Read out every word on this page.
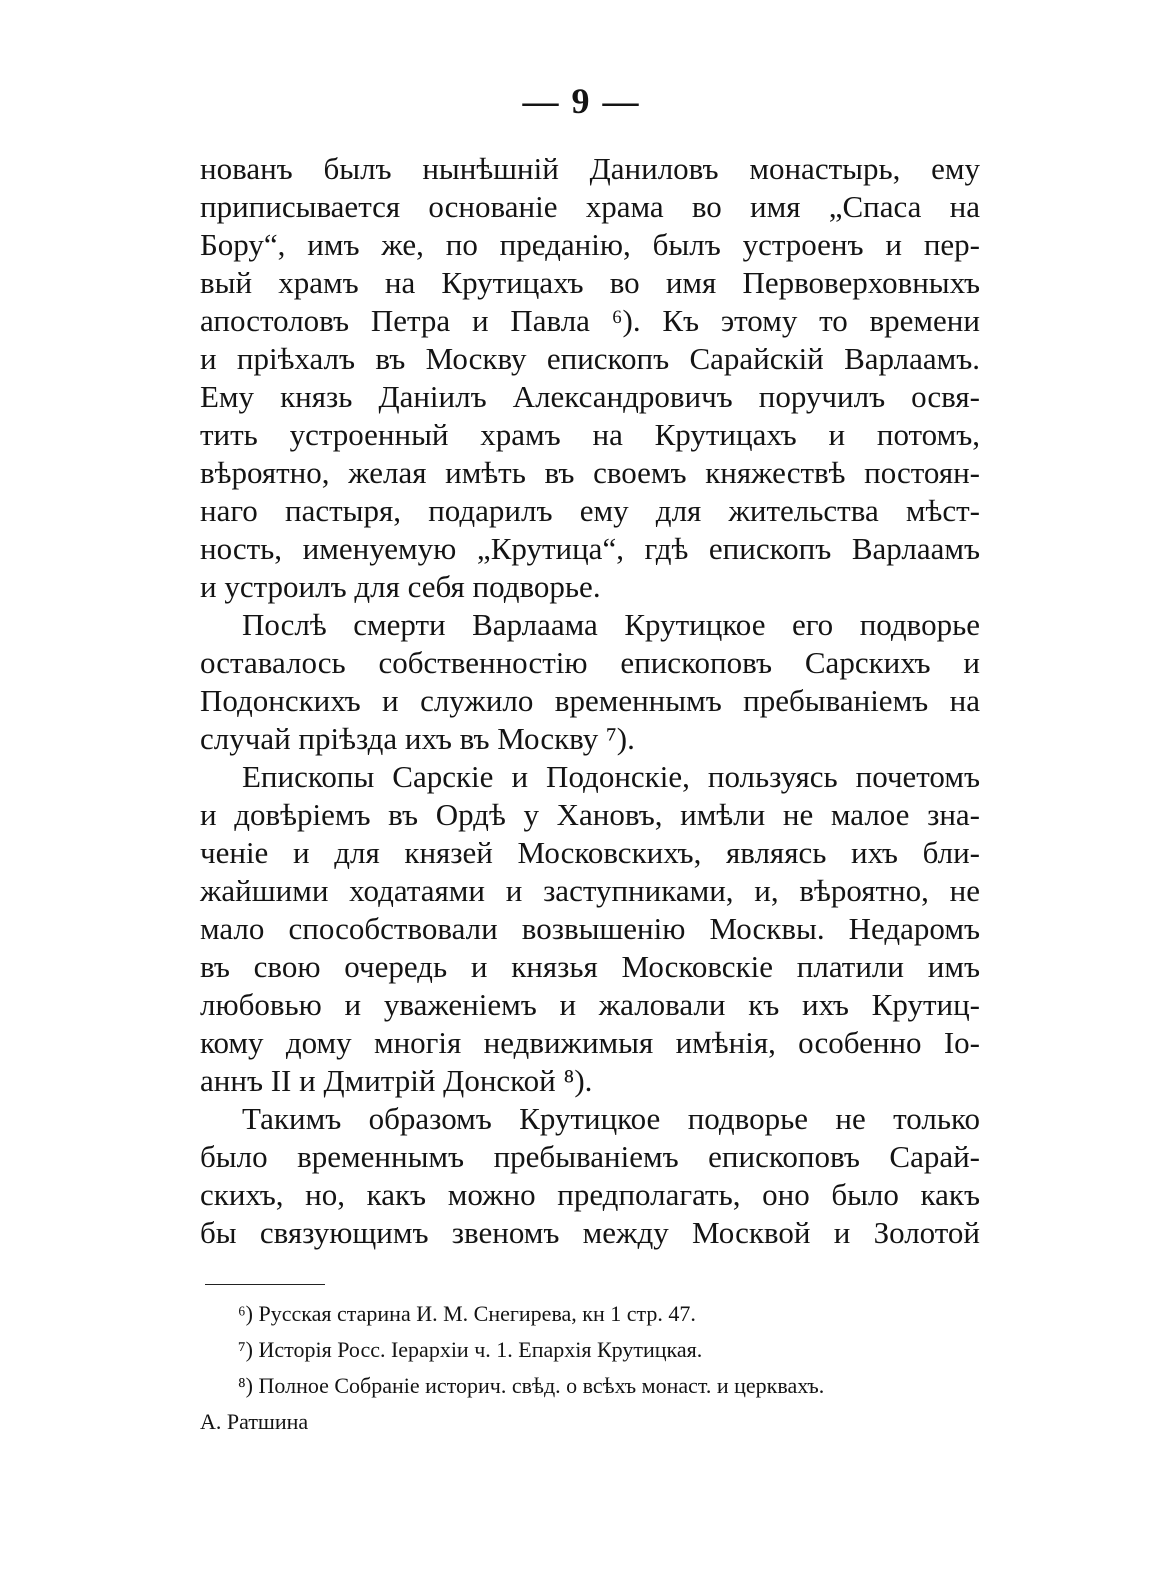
— 9 —
нованъ былъ нынѣшній Даниловъ монастырь, ему
приписывается основаніе храма во имя „Спаса на
Бору“, имъ же, по преданію, былъ устроенъ и пер-
вый храмъ на Крутицахъ во имя Первоверховныхъ
апостоловъ Петра и Павла ⁶). Къ этому то времени
и пріѣхалъ въ Москву епископъ Сарайскій Варлаамъ.
Ему князь Даніилъ Александровичъ поручилъ освя-
тить устроенный храмъ на Крутицахъ и потомъ,
вѣроятно, желая имѣть въ своемъ княжествѣ постоян-
наго пастыря, подарилъ ему для жительства мѣст-
ность, именуемую „Крутица“, гдѣ епископъ Варлаамъ
и устроилъ для себя подворье.
Послѣ смерти Варлаама Крутицкое его подворье
оставалось собственностію епископовъ Сарскихъ и
Подонскихъ и служило временнымъ пребываніемъ на
случай пріѣзда ихъ въ Москву ⁷).
Епископы Сарскіе и Подонскіе, пользуясь почетомъ
и довѣріемъ въ Ордѣ у Хановъ, имѣли не малое зна-
ченіе и для князей Московскихъ, являясь ихъ бли-
жайшими ходатаями и заступниками, и, вѣроятно, не
мало способствовали возвышенію Москвы. Недаромъ
въ свою очередь и князья Московскіе платили имъ
любовью и уваженіемъ и жаловали къ ихъ Крутиц-
кому дому многія недвижимыя имѣнія, особенно Іо-
аннъ II и Дмитрій Донской ⁸).
Такимъ образомъ Крутицкое подворье не только
было временнымъ пребываніемъ епископовъ Сарай-
скихъ, но, какъ можно предполагать, оно было какъ
бы связующимъ звеномъ между Москвой и Золотой
⁶) Русская старина И. М. Снегирева, кн 1 стр. 47.
⁷) Исторія Росс. Іерархіи ч. 1. Епархія Крутицкая.
⁸) Полное Собраніе историч. свѣд. о всѣхъ монаст. и церквахъ.
А. Ратшина
